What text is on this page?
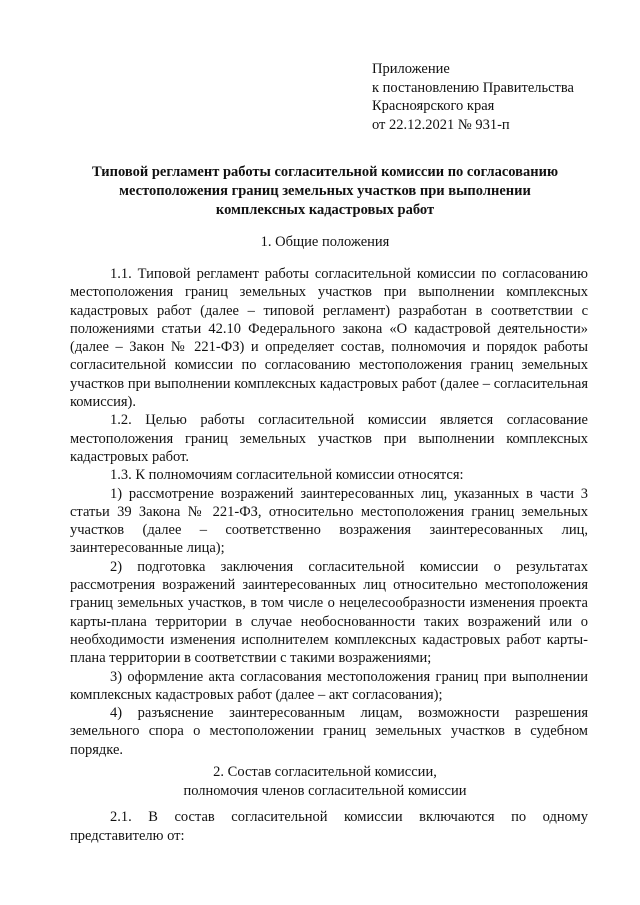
Приложение
к постановлению Правительства
Красноярского края
от 22.12.2021 № 931-п
Типовой регламент работы согласительной комиссии по согласованию
местоположения границ земельных участков при выполнении
комплексных кадастровых работ
1. Общие положения

1.1. Типовой регламент работы согласительной комиссии по согласованию местоположения границ земельных участков при выполнении комплексных кадастровых работ (далее – типовой регламент) разработан в соответствии с положениями статьи 42.10 Федерального закона «О кадастровой деятельности» (далее – Закон № 221-ФЗ) и определяет состав, полномочия и порядок работы согласительной комиссии по согласованию местоположения границ земельных участков при выполнении комплексных кадастровых работ (далее – согласительная комиссия).

1.2. Целью работы согласительной комиссии является согласование местоположения границ земельных участков при выполнении комплексных кадастровых работ.

1.3. К полномочиям согласительной комиссии относятся:

1) рассмотрение возражений заинтересованных лиц, указанных в части 3 статьи 39 Закона № 221-ФЗ, относительно местоположения границ земельных участков (далее – соответственно возражения заинтересованных лиц, заинтересованные лица);

2) подготовка заключения согласительной комиссии о результатах рассмотрения возражений заинтересованных лиц относительно местоположения границ земельных участков, в том числе о нецелесообразности изменения проекта карты-плана территории в случае необоснованности таких возражений или о необходимости изменения исполнителем комплексных кадастровых работ карты-плана территории в соответствии с такими возражениями;

3) оформление акта согласования местоположения границ при выполнении комплексных кадастровых работ (далее – акт согласования);

4) разъяснение заинтересованным лицам, возможности разрешения земельного спора о местоположении границ земельных участков в судебном порядке.

2. Состав согласительной комиссии,
полномочия членов согласительной комиссии

2.1. В состав согласительной комиссии включаются по одному представителю от:
